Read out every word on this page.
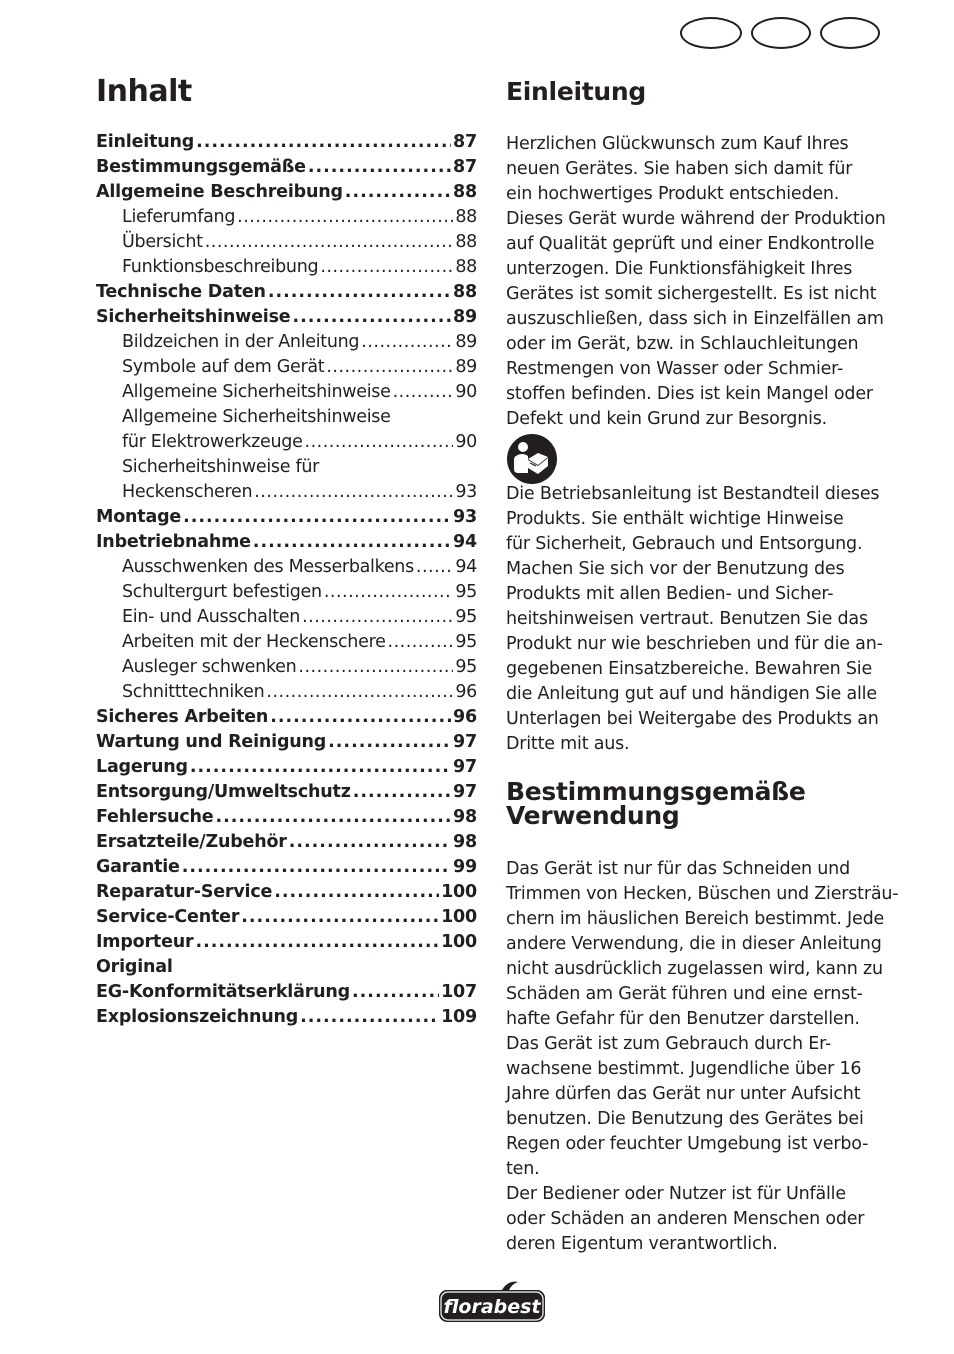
Inhalt
Einleitung .....	87
Bestimmungsgemäße .....	87
Allgemeine Beschreibung .....	88
Lieferumfang .....	88
Übersicht .....	88
Funktionsbeschreibung .....	88
Technische Daten .....	88
Sicherheitshinweise .....	89
Bildzeichen in der Anleitung .....	89
Symbole auf dem Gerät .....	89
Allgemeine Sicherheitshinweise .....	90
Allgemeine Sicherheitshinweise
für Elektrowerkzeuge .....	90
Sicherheitshinweise für
Heckenscheren .....	93
Montage .....	93
Inbetriebnahme .....	94
Ausschwenken des Messerbalkens ..... 94
Schultergurt befestigen .....	95
Ein- und Ausschalten .....	95
Arbeiten mit der Heckenschere .....	95
Ausleger schwenken .....	95
Schnitttechniken .....	96
Sicheres Arbeiten .....	96
Wartung und Reinigung .....	97
Lagerung .....	97
Entsorgung/Umweltschutz .....	97
Fehlersuche .....	98
Ersatzteile/Zubehör .....	98
Garantie .....	99
Reparatur-Service .....	100
Service-Center .....	100
Importeur .....	100
Original
EG-Konformitätserklärung .....	107
Explosionszeichnung .....	109
Einleitung

Herzlichen Glückwunsch zum Kauf Ihres
neuen Gerätes. Sie haben sich damit für
ein hochwertiges Produkt entschieden.
Dieses Gerät wurde während der Produktion
auf Qualität geprüft und einer Endkontrolle
unterzogen. Die Funktionsfähigkeit Ihres
Gerätes ist somit sichergestellt. Es ist nicht
auszuschließen, dass sich in Einzelfällen am
oder im Gerät, bzw. in Schlauchleitungen
Restmengen von Wasser oder Schmier-
stoffen befinden. Dies ist kein Mangel oder
Defekt und kein Grund zur Besorgnis.

Die Betriebsanleitung ist Bestandteil dieses
Produkts. Sie enthält wichtige Hinweise
für Sicherheit, Gebrauch und Entsorgung.
Machen Sie sich vor der Benutzung des
Produkts mit allen Bedien- und Sicher-
heitshinweisen vertraut. Benutzen Sie das
Produkt nur wie beschrieben und für die an-
gegebenen Einsatzbereiche. Bewahren Sie
die Anleitung gut auf und händigen Sie alle
Unterlagen bei Weitergabe des Produkts an
Dritte mit aus.

Bestimmungsgemäße
Verwendung

Das Gerät ist nur für das Schneiden und
Trimmen von Hecken, Büschen und Ziersträu-
chern im häuslichen Bereich bestimmt. Jede
andere Verwendung, die in dieser Anleitung
nicht ausdrücklich zugelassen wird, kann zu
Schäden am Gerät führen und eine ernst-
hafte Gefahr für den Benutzer darstellen.
Das Gerät ist zum Gebrauch durch Er-
wachsene bestimmt. Jugendliche über 16
Jahre dürfen das Gerät nur unter Aufsicht
benutzen. Die Benutzung des Gerätes bei
Regen oder feuchter Umgebung ist verbo-
ten.
Der Bediener oder Nutzer ist für Unfälle
oder Schäden an anderen Menschen oder
deren Eigentum verantwortlich.

florabest
